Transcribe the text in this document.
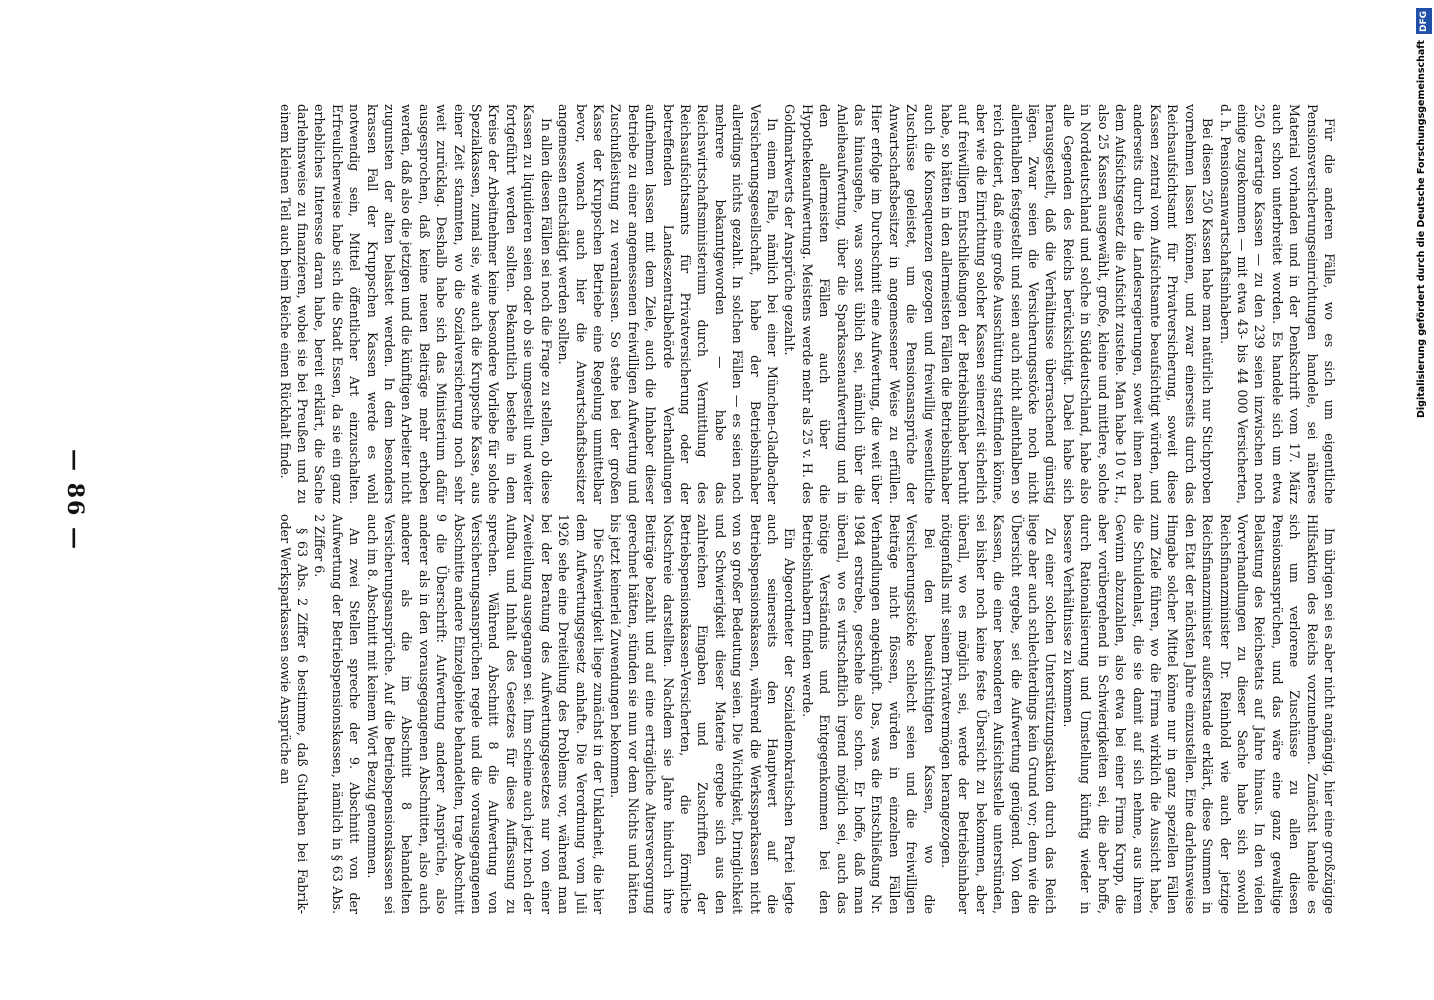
— 86 —	Für die anderen Fälle, wo es sich um eigentliche Pensionsversicherungseinrichtungen handele, sei näheres Material vorhanden und in der Denkschrift vom 17. März auch schon unterbreitet worden. Es handele sich um etwa 250 derartige Kassen — zu den 239 seien inzwischen noch einige zugekommen — mit etwa 43- bis 44 000 Versicherten, d. h. Pensionsanwartschaftsinhabern.

Bei diesen 250 Kassen habe man natürlich nur Stichproben vornehmen lassen können, und zwar einerseits durch das Reichsaufsichtsamt für Privatversicherung, soweit diese Kassen zentral vom Aufsichtsamte beaufsichtigt würden, und anderseits durch die Landesregierungen, soweit ihnen nach dem Aufsichtsgesetz die Aufsicht zustehe. Man habe 10 v. H., also 25 Kassen ausgewählt, große, kleine und mittlere, solche in Norddeutschland und solche in Süddeutschland, habe also alle Gegenden des Reichs berücksichtigt. Dabei habe sich herausgestellt, daß die Verhältnisse überraschend günstig lägen. Zwar seien die Versicherungsstöcke noch nicht allenthalben festgestellt und seien auch nicht allenthalben so reich dotiert, daß eine große Ausschüttung stattfinden könne, aber wie die Einrichtung solcher Kassen seinerzeit sicherlich auf freiwilligen Entschließungen der Betriebsinhaber beruht habe, so hätten in den allermeisten Fällen die Betriebsinhaber auch die Konsequenzen gezogen und freiwillig wesentliche Zuschüsse geleistet, um die Pensionsansprüche der Anwartschaftsbesitzer in angemessener Weise zu erfüllen. Hier erfolge im Durchschnitt eine Aufwertung, die weit über das hinausgehe, was sonst üblich sei, nämlich über die Anleiheaufwertung, über die Sparkassenaufwertung und in den allermeisten Fällen auch über die Hypothekenaufwertung. Meistens werde mehr als 25 v. H. des Goldmarkwerts der Ansprüche gezahlt.

In einem Falle, nämlich bei einer München-Gladbacher Versicherungsgesellschaft, habe der Betriebsinhaber allerdings nichts gezahlt. In solchen Fällen — es seien noch mehrere bekanntgeworden — habe das Reichswirtschaftsministerium durch Vermittlung des Reichsaufsichtsamts für Privatversicherung oder der betreffenden Landeszentralbehörde Verhandlungen aufnehmen lassen mit dem Ziele, auch die Inhaber dieser Betriebe zu einer angemessenen freiwilligen Aufwertung und Zuschußleistung zu veranlassen. So stehe bei der großen Kasse der Kruppschen Betriebe eine Regelung unmittelbar bevor, wonach auch hier die Anwartschaftsbesitzer angemessen entschädigt werden sollten.

In allen diesen Fällen sei noch die Frage zu stellen, ob diese Kassen zu liquidieren seien oder ob sie umgestellt und weiter fortgeführt werden sollten. Bekanntlich bestehe in dem Kreise der Arbeitnehmer keine besondere Vorliebe für solche Spezialkassen, zumal sie, wie auch die Kruppsche Kasse, aus einer Zeit stammten, wo die Sozialversicherung noch sehr weit zurücklag. Deshalb habe sich das Ministerium dafür ausgesprochen, daß keine neuen Beiträge mehr erhoben werden, daß also die jetzigen und die künftigen Arbeiter nicht zugunsten der alten belastet werden. In dem besonders krassen Fall der Kruppschen Kassen werde es wohl notwendig sein, Mittel öffentlicher Art einzuschalten. Erfreulicherweise habe sich die Stadt Essen, da sie ein ganz erhebliches Interesse daran habe, bereit erklärt, die Sache darlehnsweise zu finanzieren, wobei sie bei Preußen und zu einem kleinen Teil auch beim Reiche einen Rückhalt finde.

Im übrigen sei es aber nicht angängig, hier eine großzügige Hilfsaktion des Reichs vorzunehmen. Zunächst handele es sich um verlorene Zuschüsse zu allen diesen Pensionsansprüchen, und das wäre eine ganz gewaltige Belastung des Reichsetats auf Jahre hinaus. In den vielen Vorverhandlungen zu dieser Sache habe sich sowohl Reichsfinanzminister Dr. Reinhold wie auch der jetzige Reichsfinanzminister außerstande erklärt, diese Summen in den Etat der nächsten Jahre einzustellen. Eine darlehnsweise Hingabe solcher Mittel könne nur in ganz speziellen Fällen zum Ziele führen, wo die Firma wirklich die Aussicht habe, die Schuldenlast, die sie damit auf sich nehme, aus ihrem Gewinn abzuzahlen, also etwa bei einer Firma Krupp, die aber vorübergehend in Schwierigkeiten sei, die aber hoffe, durch Rationalisierung und Umstellung künftig wieder in bessere Verhältnisse zu kommen.

Zu einer solchen Unterstützungsaktion durch das Reich liege aber auch schlechterdings kein Grund vor; denn wie die Übersicht ergebe, sei die Aufwertung genügend. Von den Kassen, die einer besonderen Aufsichtsstelle unterstünden, sei bisher noch keine feste Übersicht zu bekommen, aber überall, wo es möglich sei, werde der Betriebsinhaber nötigenfalls mit seinem Privatvermögen herangezogen.

Bei den beaufsichtigten Kassen, wo die Versicherungsstöcke schlecht seien und die freiwilligen Beiträge nicht flössen, würden in einzelnen Fällen Verhandlungen angeknüpft. Das, was die Entschließung Nr. 1984 erstrebe, geschehe also schon. Er hoffe, daß man überall, wo es wirtschaftlich irgend möglich sei, auch das nötige Verständnis und Entgegenkommen bei den Betriebsinhabern finden werde.

Ein Abgeordneter der Sozialdemokratischen Partei legte auch seinerseits den Hauptwert auf die Betriebspensionskassen, während die Werkssparkassen nicht von so großer Bedeutung seien. Die Wichtigkeit, Dringlichkeit und Schwierigkeit dieser Materie ergebe sich aus den zahlreichen Eingaben und Zuschriften der Betriebspensionskassen-Versicherten, die förmliche Notschreie darstellten. Nachdem sie Jahre hindurch ihre Beiträge bezahlt und auf eine erträgliche Altersversorgung gerechnet hätten, stünden sie nun vor dem Nichts und hätten bis jetzt keinerlei Zuwendungen bekommen.

Die Schwierigkeit liege zunächst in der Unklarheit, die hier dem Aufwertungsgesetz anhafte. Die Verordnung vom Juli 1926 sehe eine Dreiteilung des Problems vor, während man bei der Beratung des Aufwertungsgesetzes nur von einer Zweiteilung ausgegangen sei. Ihm scheine auch jetzt noch der Aufbau und Inhalt des Gesetzes für diese Auffassung zu sprechen. Während Abschnitt 8 die Aufwertung von Versicherungsansprüchen regele und die vorausgegangenen Abschnitte andere Einzelgebiete behandelten, trage Abschnitt 9 die Überschrift: Aufwertung anderer Ansprüche, also anderer als in den vorausgegangenen Abschnitten, also auch anderer als die im Abschnitt 8 behandelten Versicherungsansprüche. Auf die Betriebspensionskassen sei auch im 8. Abschnitt mit keinem Wort Bezug genommen.

An zwei Stellen spreche der 9. Abschnitt von der Aufwertung der Betriebspensionskassen, nämlich in § 63 Abs. 2 Ziffer 6.

§ 63 Abs. 2 Ziffer 6 bestimme, daß Guthaben bei Fabrik- oder Werksparkassen sowie Ansprüche an

DFG
Digitalisierung gefördert durch die Deutsche Forschungsgemeinschaft
